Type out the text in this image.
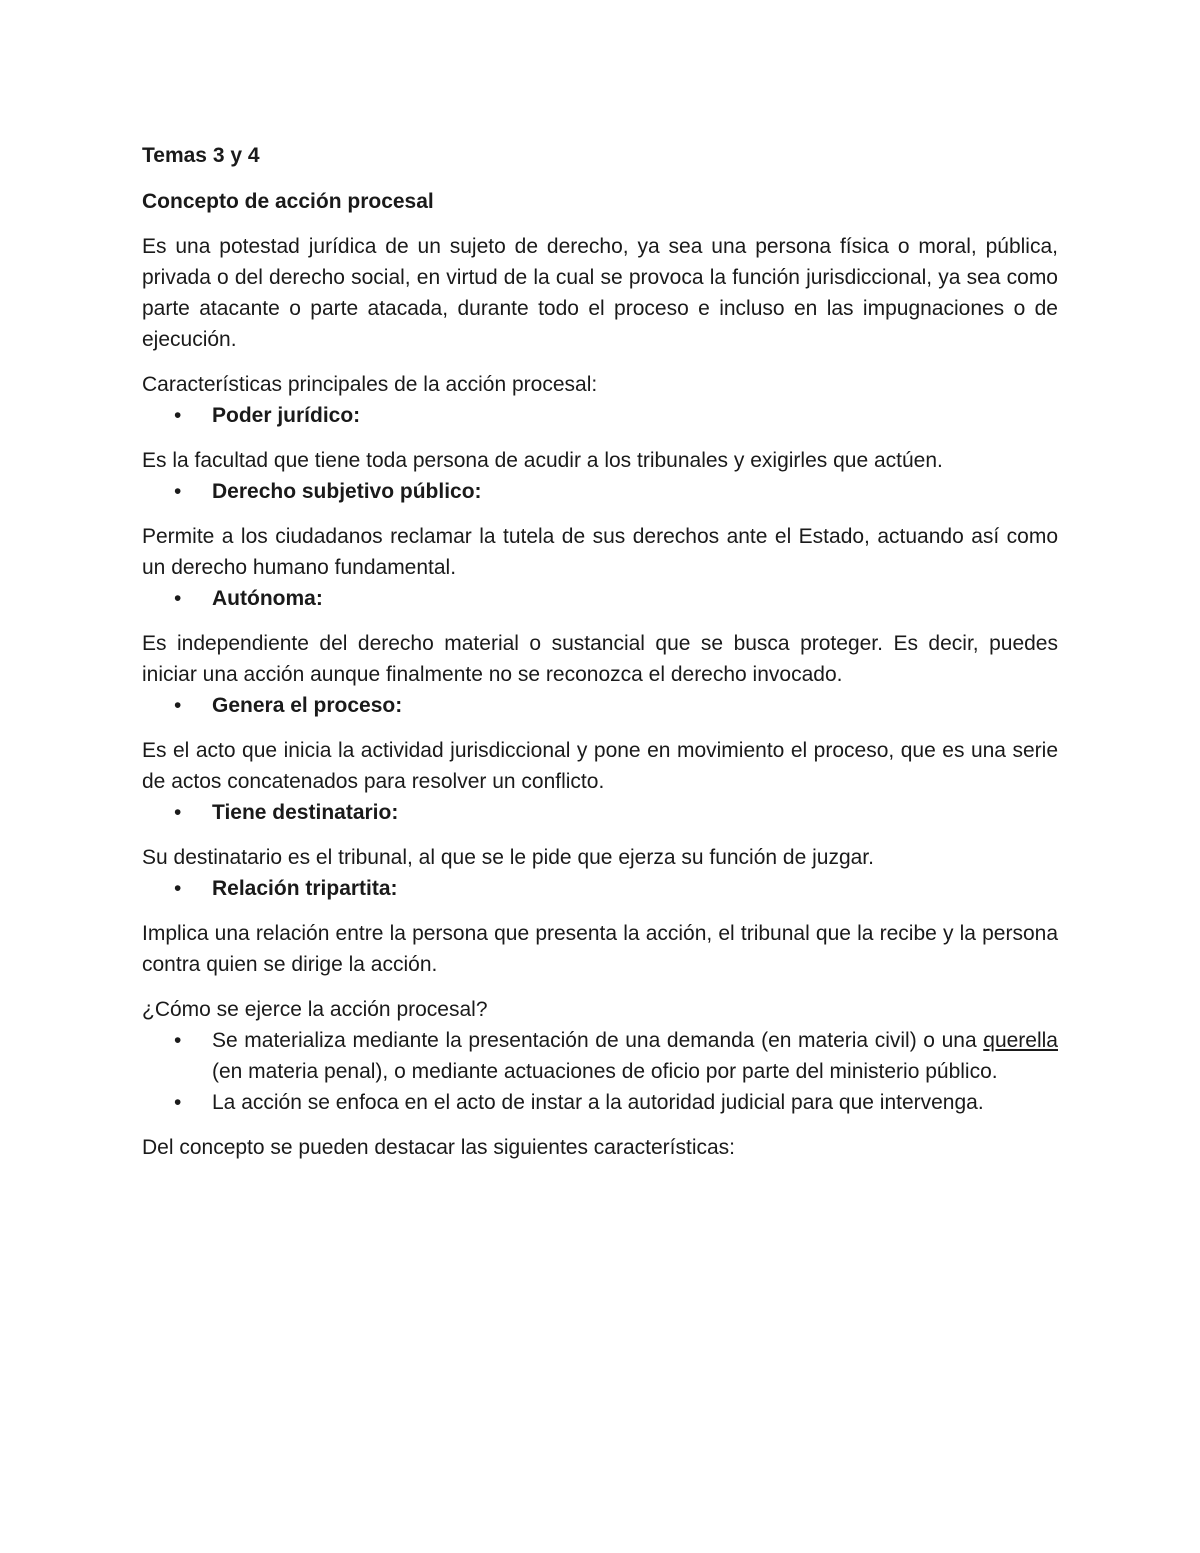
Temas 3 y 4

Concepto de acción procesal

Es una potestad jurídica de un sujeto de derecho, ya sea una persona física o moral, pública, privada o del derecho social, en virtud de la cual se provoca la función jurisdiccional, ya sea como parte atacante o parte atacada, durante todo el proceso e incluso en las impugnaciones o de ejecución.

Características principales de la acción procesal:

•	Poder jurídico:

Es la facultad que tiene toda persona de acudir a los tribunales y exigirles que actúen.

•	Derecho subjetivo público:

Permite a los ciudadanos reclamar la tutela de sus derechos ante el Estado, actuando así como un derecho humano fundamental.

•	Autónoma:

Es independiente del derecho material o sustancial que se busca proteger. Es decir, puedes iniciar una acción aunque finalmente no se reconozca el derecho invocado.

•	Genera el proceso:

Es el acto que inicia la actividad jurisdiccional y pone en movimiento el proceso, que es una serie de actos concatenados para resolver un conflicto.

•	Tiene destinatario:

Su destinatario es el tribunal, al que se le pide que ejerza su función de juzgar.

•	Relación tripartita:

Implica una relación entre la persona que presenta la acción, el tribunal que la recibe y la persona contra quien se dirige la acción.

¿Cómo se ejerce la acción procesal?

•	Se materializa mediante la presentación de una demanda (en materia civil) o una querella (en materia penal), o mediante actuaciones de oficio por parte del ministerio público.
•	La acción se enfoca en el acto de instar a la autoridad judicial para que intervenga.

Del concepto se pueden destacar las siguientes características:
